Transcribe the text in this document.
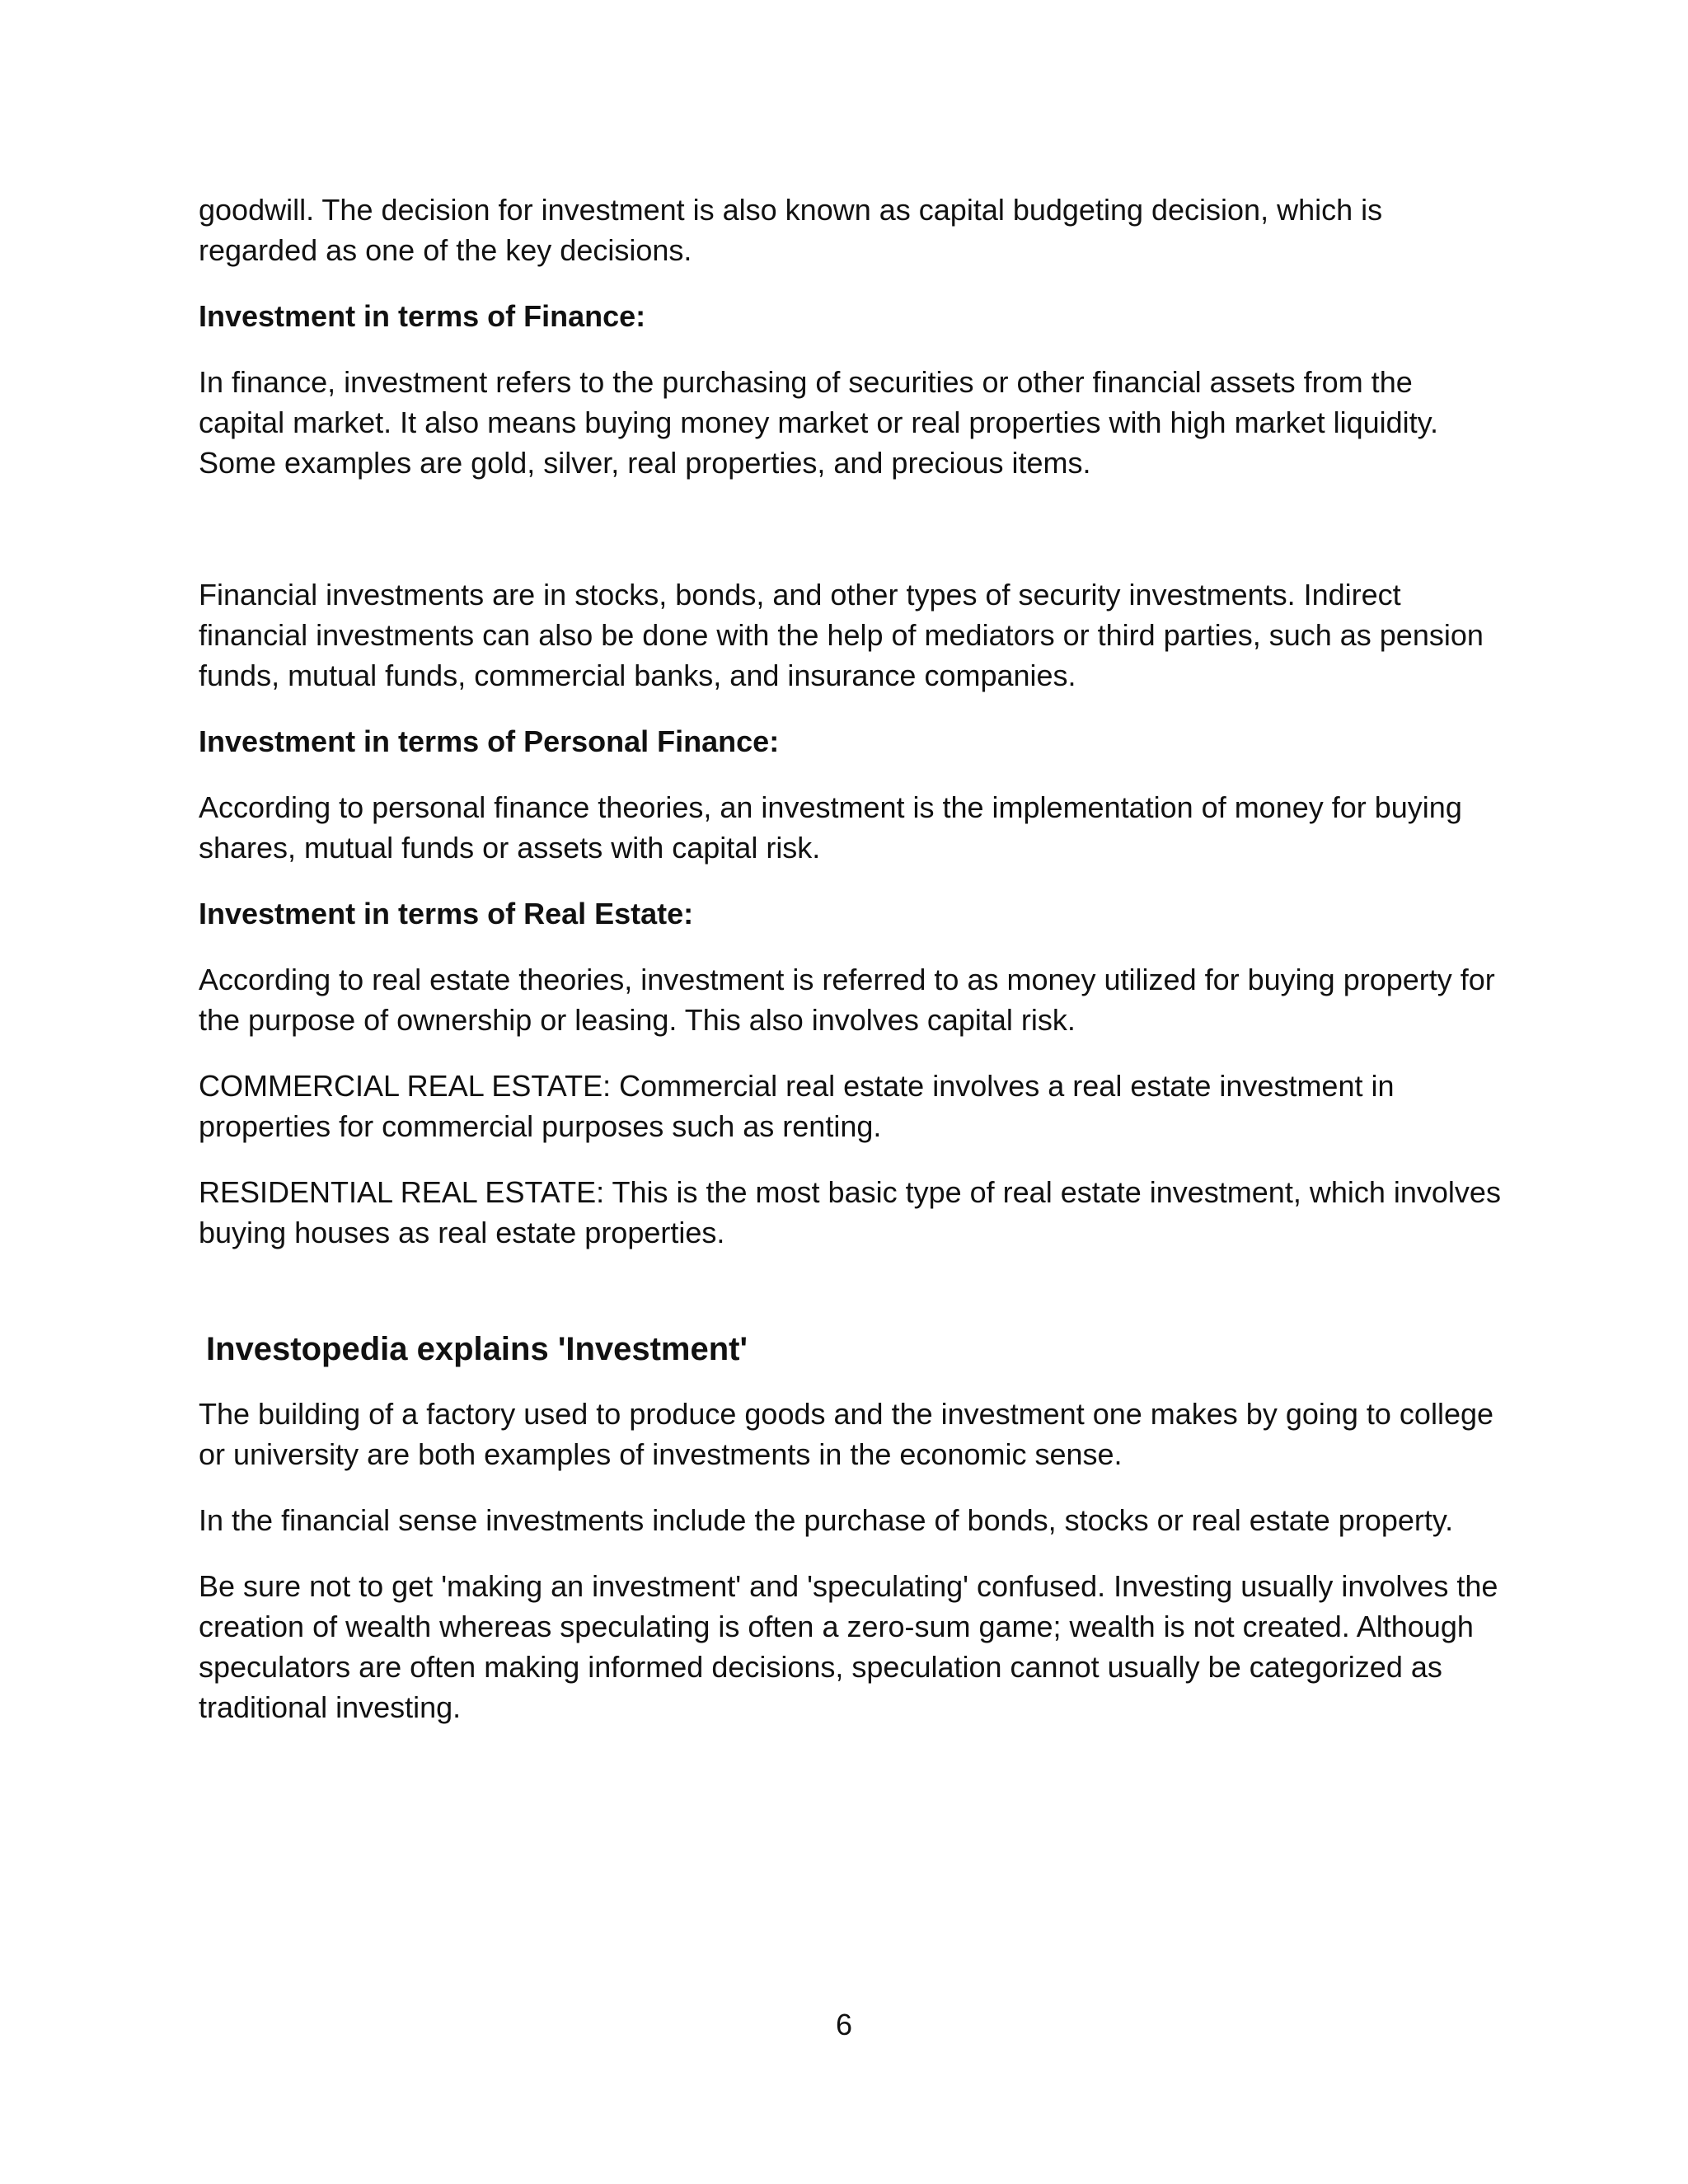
goodwill. The decision for investment is also known as capital budgeting decision, which is regarded as one of the key decisions.

Investment in terms of Finance:

In finance, investment refers to the purchasing of securities or other financial assets from the capital market. It also means buying money market or real properties with high market liquidity. Some examples are gold, silver, real properties, and precious items.

Financial investments are in stocks, bonds, and other types of security investments. Indirect financial investments can also be done with the help of mediators or third parties, such as pension funds, mutual funds, commercial banks, and insurance companies.

Investment in terms of Personal Finance:

According to personal finance theories, an investment is the implementation of money for buying shares, mutual funds or assets with capital risk.

Investment in terms of Real Estate:

According to real estate theories, investment is referred to as money utilized for buying property for the purpose of ownership or leasing. This also involves capital risk.

COMMERCIAL REAL ESTATE: Commercial real estate involves a real estate investment in properties for commercial purposes such as renting.

RESIDENTIAL REAL ESTATE: This is the most basic type of real estate investment, which involves buying houses as real estate properties.

Investopedia explains 'Investment'

The building of a factory used to produce goods and the investment one makes by going to college or university are both examples of investments in the economic sense.

In the financial sense investments include the purchase of bonds, stocks or real estate property.

Be sure not to get 'making an investment' and 'speculating' confused. Investing usually involves the creation of wealth whereas speculating is often a zero-sum game; wealth is not created. Although speculators are often making informed decisions, speculation cannot usually be categorized as traditional investing.

6
